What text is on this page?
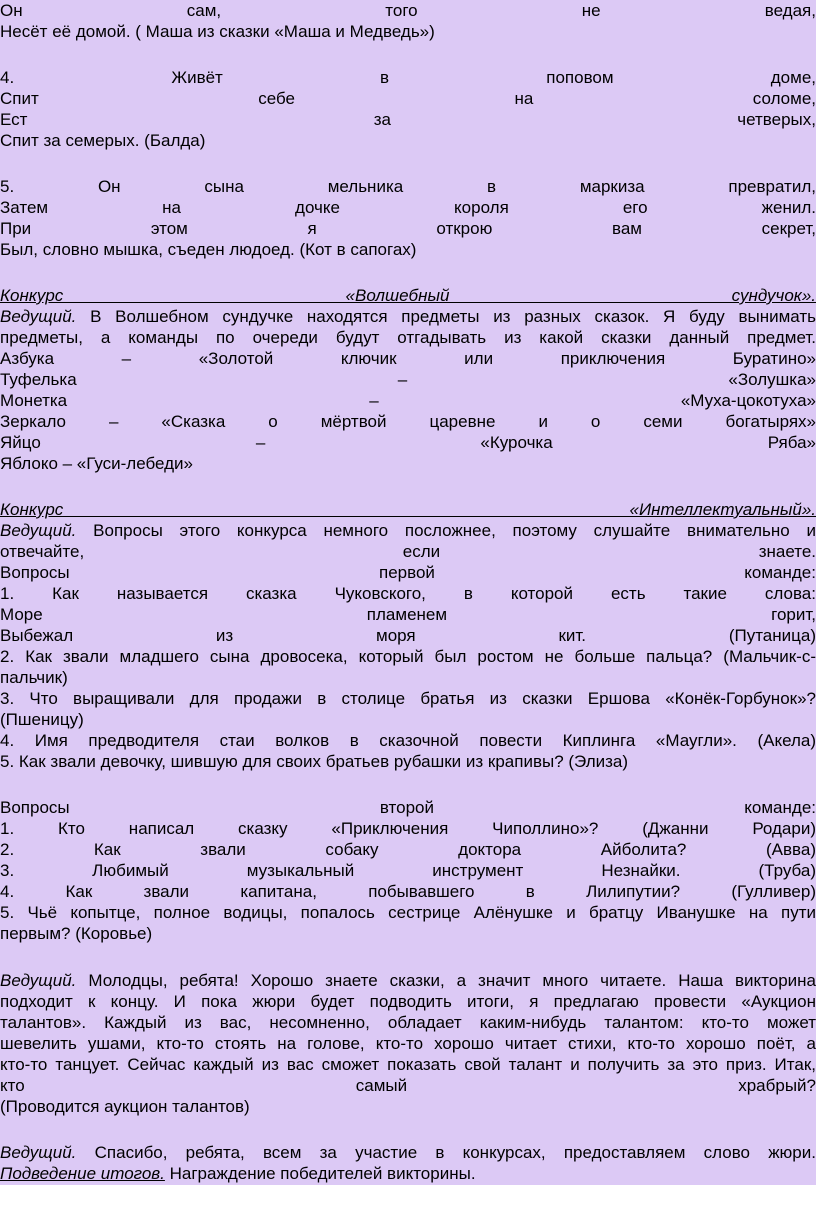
Он сам, того не ведая,
Несёт её домой. ( Маша из сказки «Маша и Медведь»)
4. Живёт в поповом доме,
Спит себе на соломе,
Ест за четверых,
Спит за семерых. (Балда)
5. Он сына мельника в маркиза превратил,
Затем на дочке короля его женил.
При этом я открою вам секрет,
Был, словно мышка, съеден людоед. (Кот в сапогах)
Конкурс «Волшебный сундучок».
Ведущий. В Волшебном сундучке находятся предметы из разных сказок. Я буду вынимать
предметы, а команды по очереди будут отгадывать из какой сказки данный предмет.
Азбука – «Золотой ключик или приключения Буратино»
Туфелька – «Золушка»
Монетка – «Муха-цокотуха»
Зеркало – «Сказка о мёртвой царевне и о семи богатырях»
Яйцо – «Курочка Ряба»
Яблоко – «Гуси-лебеди»
Конкурс «Интеллектуальный».
Ведущий. Вопросы этого конкурса немного посложнее, поэтому слушайте внимательно и
отвечайте, если знаете.
Вопросы первой команде:
1. Как называется сказка Чуковского, в которой есть такие слова:
Море пламенем горит,
Выбежал из моря кит. (Путаница)
2. Как звали младшего сына дровосека, который был ростом не больше пальца? (Мальчик-с-
пальчик)
3. Что выращивали для продажи в столице братья из сказки Ершова «Конёк-Горбунок»?
(Пшеницу)
4. Имя предводителя стаи волков в сказочной повести Киплинга «Маугли». (Акела)
5. Как звали девочку, шившую для своих братьев рубашки из крапивы? (Элиза)
Вопросы второй команде:
1. Кто написал сказку «Приключения Чиполлино»? (Джанни Родари)
2. Как звали собаку доктора Айболита? (Авва)
3. Любимый музыкальный инструмент Незнайки. (Труба)
4. Как звали капитана, побывавшего в Лилипутии? (Гулливер)
5. Чьё копытце, полное водицы, попалось сестрице Алёнушке и братцу Иванушке на пути
первым? (Коровье)
Ведущий. Молодцы, ребята! Хорошо знаете сказки, а значит много читаете. Наша викторина
подходит к концу. И пока жюри будет подводить итоги, я предлагаю провести «Аукцион
талантов». Каждый из вас, несомненно, обладает каким-нибудь талантом: кто-то может
шевелить ушами, кто-то стоять на голове, кто-то хорошо читает стихи, кто-то хорошо поёт, а
кто-то танцует. Сейчас каждый из вас сможет показать свой талант и получить за это приз. Итак,
кто самый храбрый?
(Проводится аукцион талантов)
Ведущий. Спасибо, ребята, всем за участие в конкурсах, предоставляем слово жюри.
Подведение итогов. Награждение победителей викторины.
